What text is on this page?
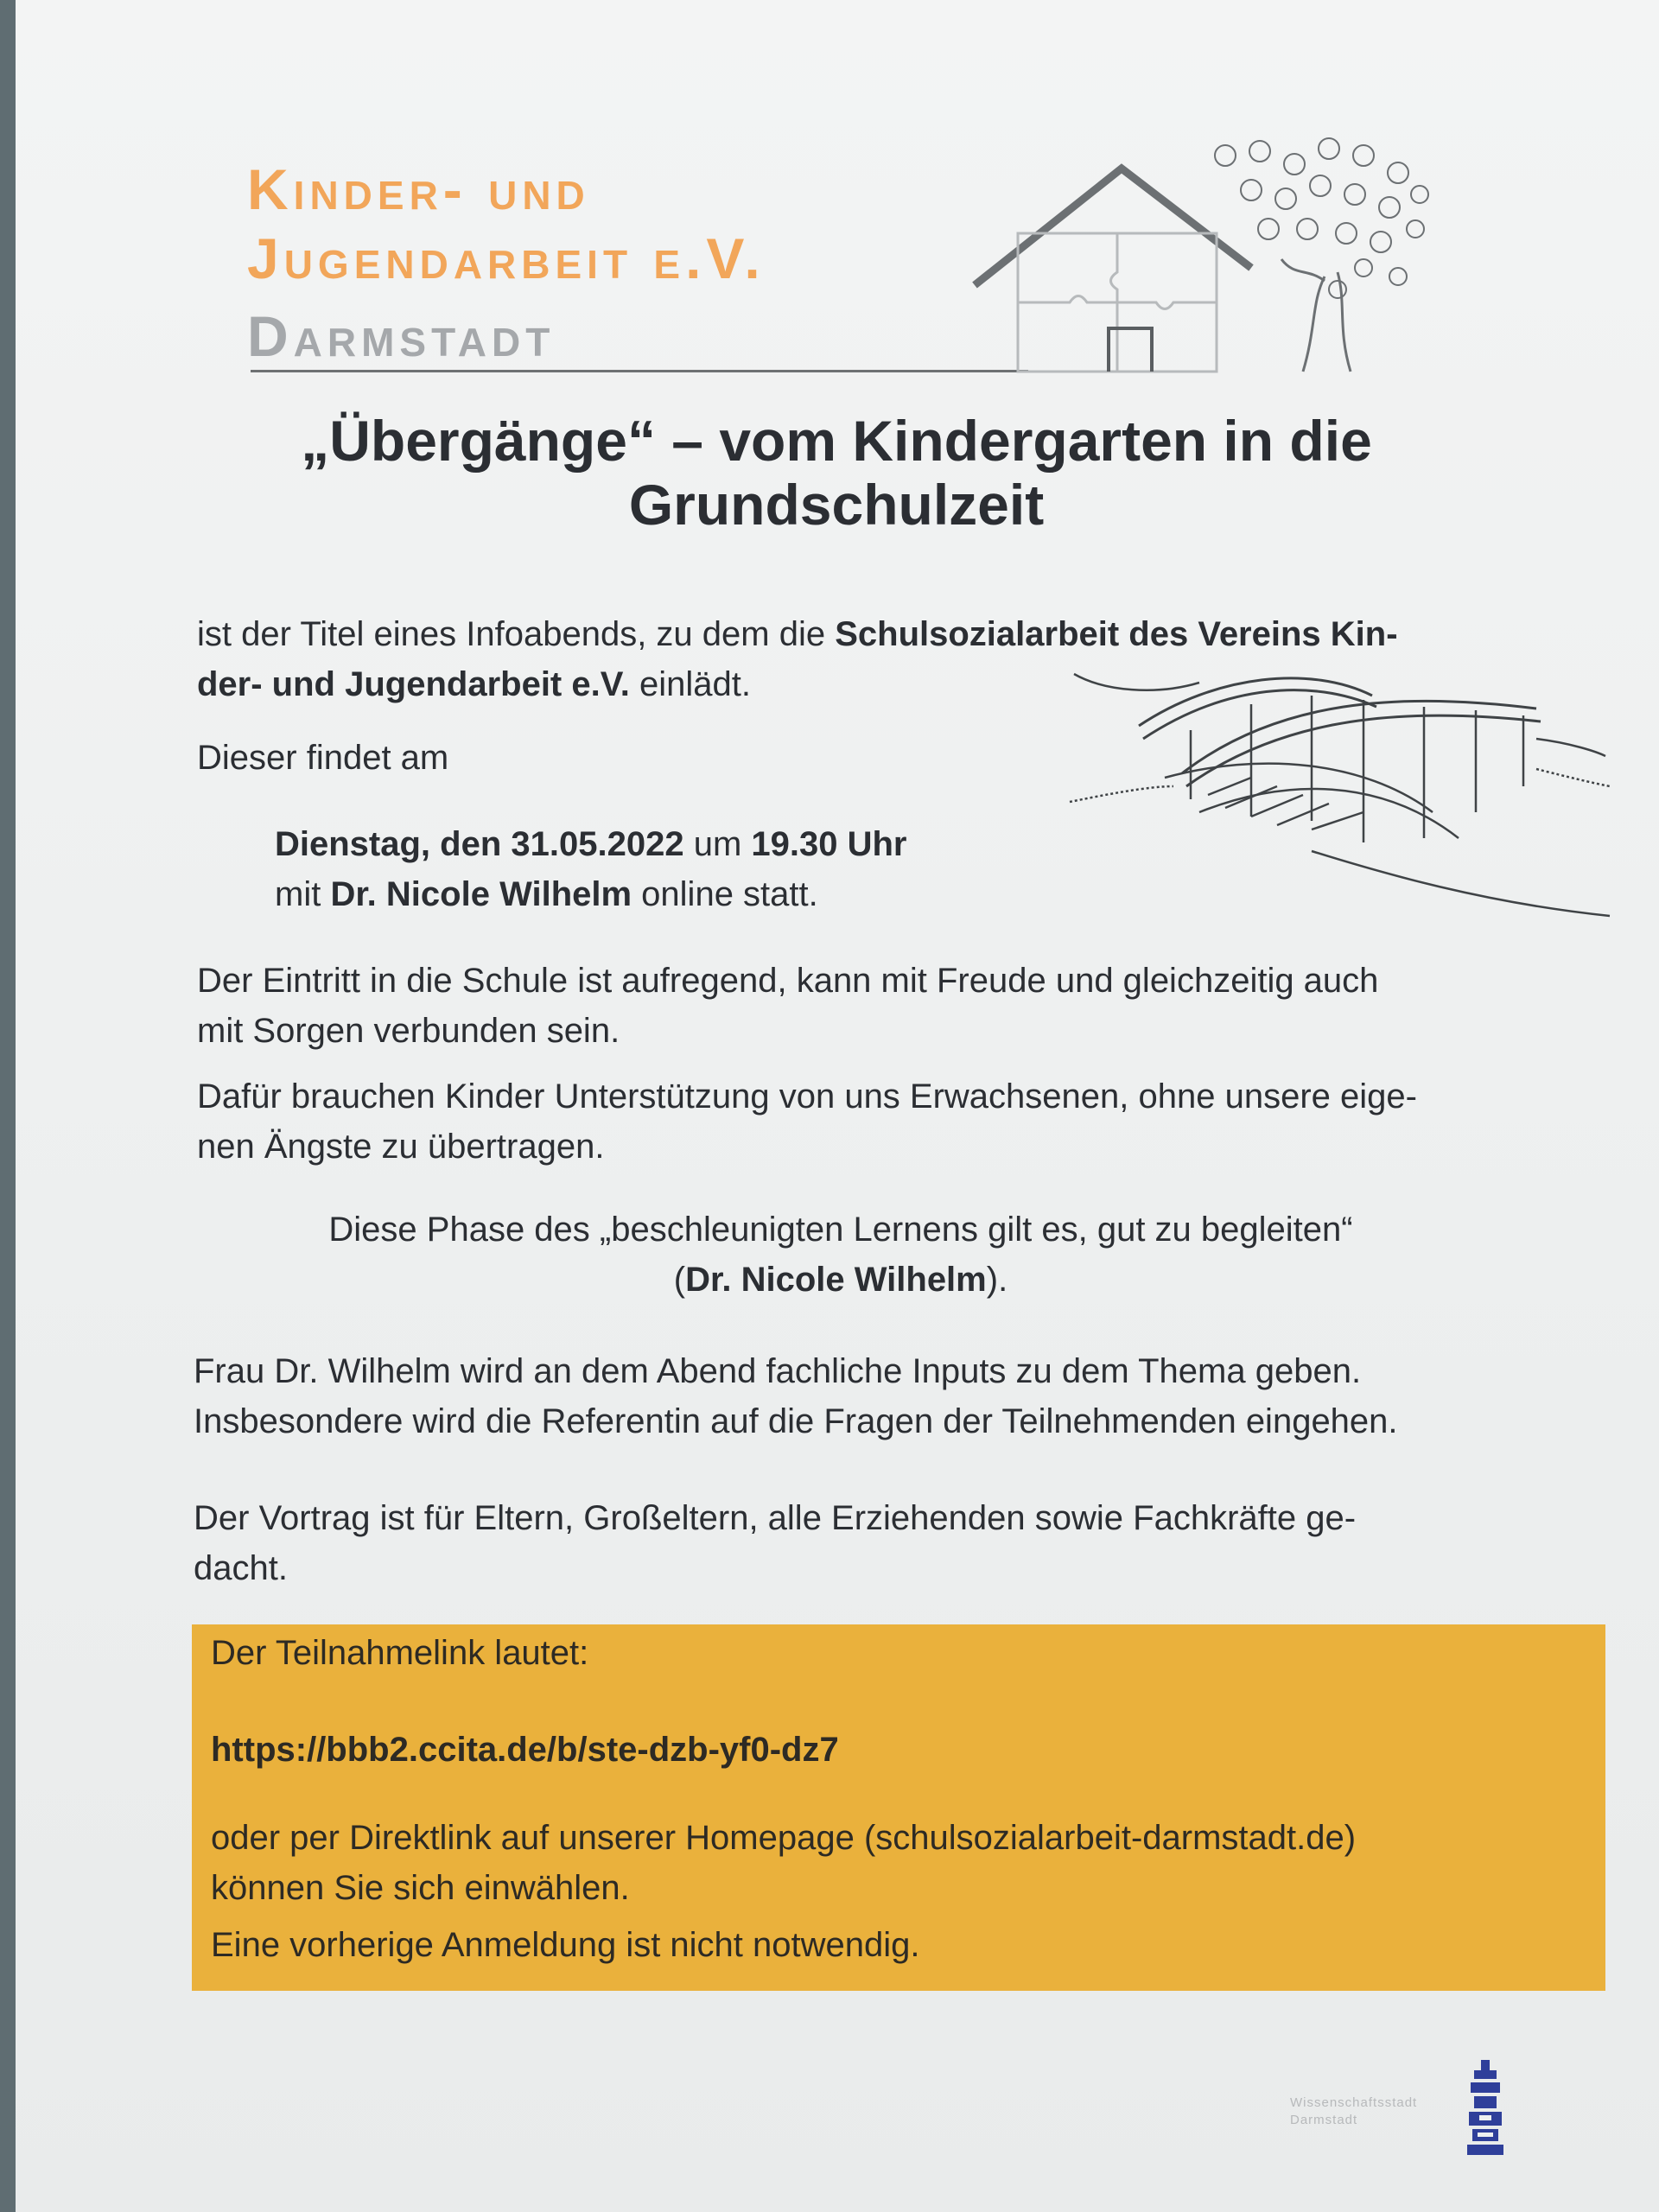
Kinder- und
Jugendarbeit e.V.
Darmstadt
„Übergänge“ – vom Kindergarten in die
Grundschulzeit
ist der Titel eines Infoabends, zu dem die Schulsozialarbeit des Vereins Kin-
der- und Jugendarbeit e.V. einlädt.
Dieser findet am
Dienstag, den 31.05.2022 um 19.30 Uhr
mit Dr. Nicole Wilhelm online statt.
Der Eintritt in die Schule ist aufregend, kann mit Freude und gleichzeitig auch
mit Sorgen verbunden sein.
Dafür brauchen Kinder Unterstützung von uns Erwachsenen, ohne unsere eige-
nen Ängste zu übertragen.
Diese Phase des „beschleunigten Lernens gilt es, gut zu begleiten“
(Dr. Nicole Wilhelm).
Frau Dr. Wilhelm wird an dem Abend fachliche Inputs zu dem Thema geben.
Insbesondere wird die Referentin auf die Fragen der Teilnehmenden eingehen.
Der Vortrag ist für Eltern, Großeltern, alle Erziehenden sowie Fachkräfte ge-
dacht.
Der Teilnahmelink lautet:
https://bbb2.ccita.de/b/ste-dzb-yf0-dz7
oder per Direktlink auf unserer Homepage (schulsozialarbeit-darmstadt.de)
können Sie sich einwählen.
Eine vorherige Anmeldung ist nicht notwendig.
Wissenschaftsstadt
Darmstadt
